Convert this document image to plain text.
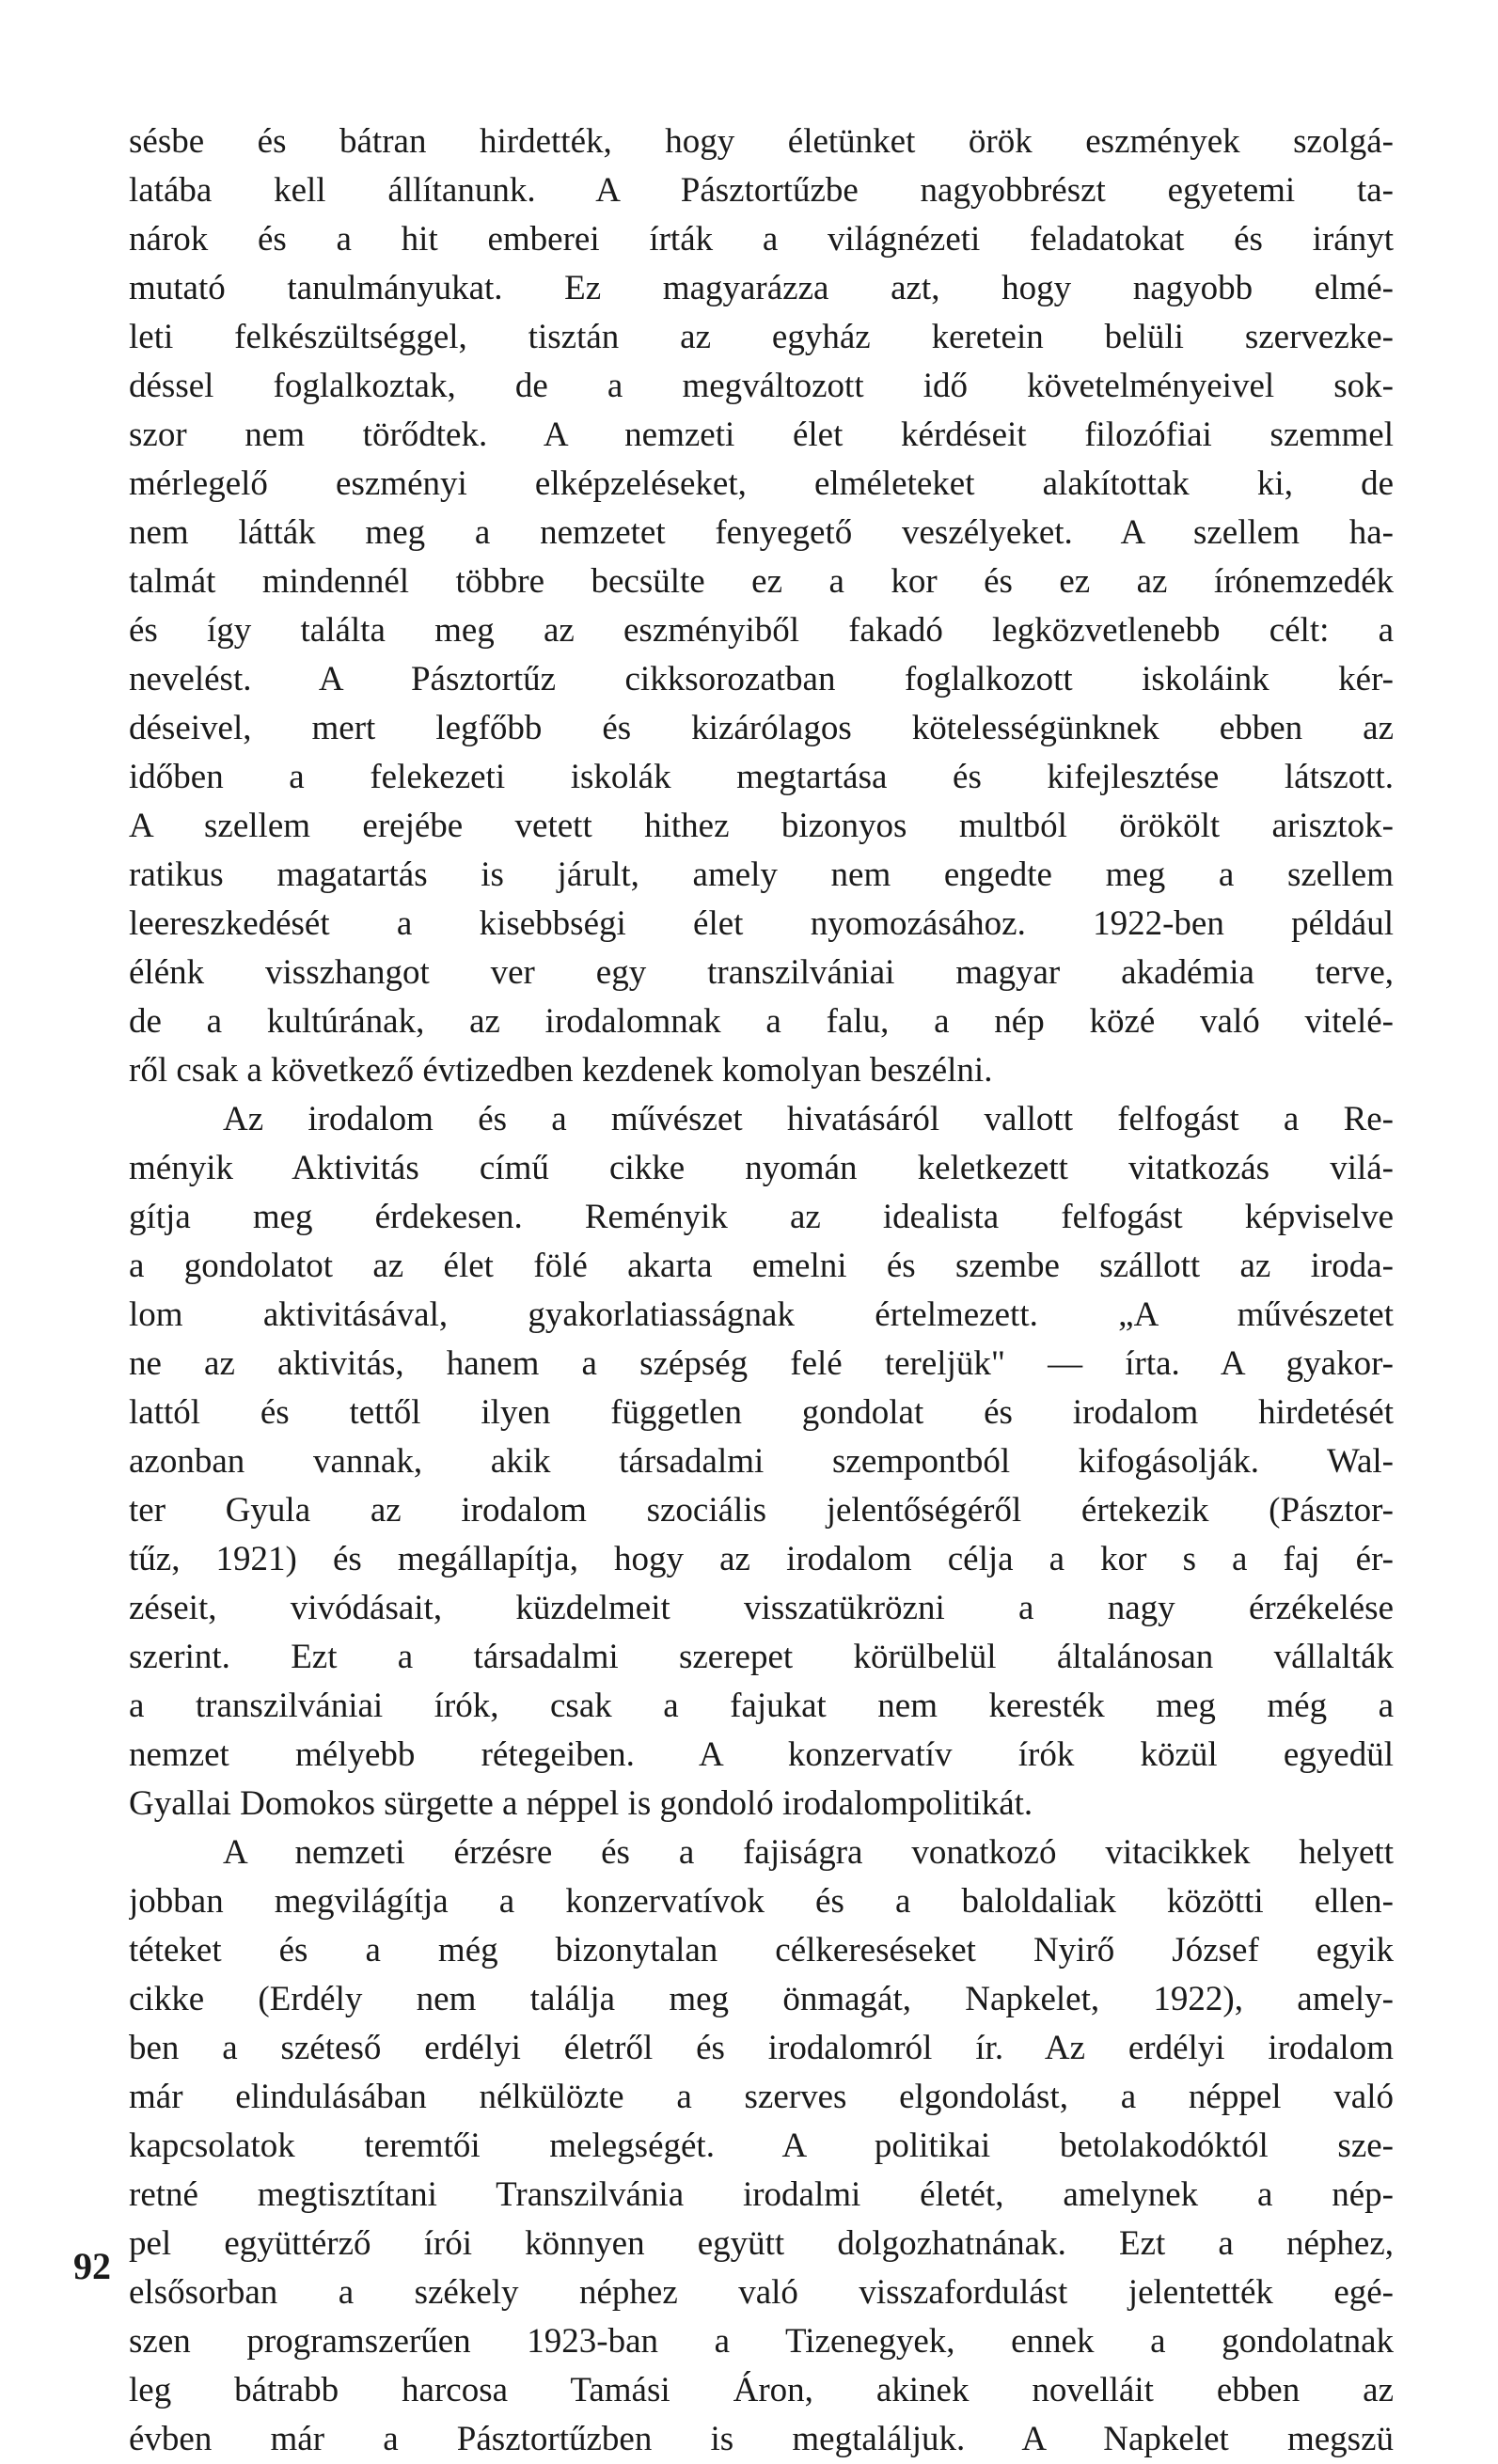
sésbe és bátran hirdették, hogy életünket örök eszmények szolgá-
latába kell állítanunk. A Pásztortűzbe nagyobbrészt egyetemi ta-
nárok és a hit emberei írták a világnézeti feladatokat és irányt
mutató tanulmányukat. Ez magyarázza azt, hogy nagyobb elmé-
leti felkészültséggel, tisztán az egyház keretein belüli szervezke-
déssel foglalkoztak, de a megváltozott idő követelményeivel sok-
szor nem törődtek. A nemzeti élet kérdéseit filozófiai szemmel
mérlegelő eszményi elképzeléseket, elméleteket alakítottak ki, de
nem látták meg a nemzetet fenyegető veszélyeket. A szellem ha-
talmát mindennél többre becsülte ez a kor és ez az írónemzedék
és így találta meg az eszményiből fakadó legközvetlenebb célt: a
nevelést. A Pásztortűz cikksorozatban foglalkozott iskoláink kér-
déseivel, mert legfőbb és kizárólagos kötelességünknek ebben az
időben a felekezeti iskolák megtartása és kifejlesztése látszott.
A szellem erejébe vetett hithez bizonyos multból örökölt arisztok-
ratikus magatartás is járult, amely nem engedte meg a szellem
leereszkedését a kisebbségi élet nyomozásához. 1922-ben például
élénk visszhangot ver egy transzilvániai magyar akadémia terve,
de a kultúrának, az irodalomnak a falu, a nép közé való vitelé-
ről csak a következő évtizedben kezdenek komolyan beszélni.
Az irodalom és a művészet hivatásáról vallott felfogást a Re-
ményik Aktivitás című cikke nyomán keletkezett vitatkozás vilá-
gítja meg érdekesen. Reményik az idealista felfogást képviselve
a gondolatot az élet fölé akarta emelni és szembe szállott az iroda-
lom aktivitásával, gyakorlatiasságnak értelmezett. „A művészetet
ne az aktivitás, hanem a szépség felé tereljük" — írta. A gyakor-
lattól és tettől ilyen független gondolat és irodalom hirdetését
azonban vannak, akik társadalmi szempontból kifogásolják. Wal-
ter Gyula az irodalom szociális jelentőségéről értekezik (Pásztor-
tűz, 1921) és megállapítja, hogy az irodalom célja a kor s a faj ér-
zéseit, vivódásait, küzdelmeit visszatükrözni a nagy érzékelése
szerint. Ezt a társadalmi szerepet körülbelül általánosan vállalták
a transzilvániai írók, csak a fajukat nem keresték meg még a
nemzet mélyebb rétegeiben. A konzervatív írók közül egyedül
Gyallai Domokos sürgette a néppel is gondoló irodalompolitikát.
A nemzeti érzésre és a fajiságra vonatkozó vitacikkek helyett
jobban megvilágítja a konzervatívok és a baloldaliak közötti ellen-
téteket és a még bizonytalan célkereséseket Nyirő József egyik
cikke (Erdély nem találja meg önmagát, Napkelet, 1922), amely-
ben a széteső erdélyi életről és irodalomról ír. Az erdélyi irodalom
már elindulásában nélkülözte a szerves elgondolást, a néppel való
kapcsolatok teremtői melegségét. A politikai betolakodóktól sze-
retné megtisztítani Transzilvánia irodalmi életét, amelynek a nép-
pel együttérző írói könnyen együtt dolgozhatnának. Ezt a néphez,
elsősorban a székely néphez való visszafordulást jelentették egé-
szen programszerűen 1923-ban a Tizenegyek, ennek a gondolatnak
leg bátrabb harcosa Tamási Áron, akinek novelláit ebben az
évben már a Pásztortűzben is megtaláljuk. A Napkelet megszü
92
